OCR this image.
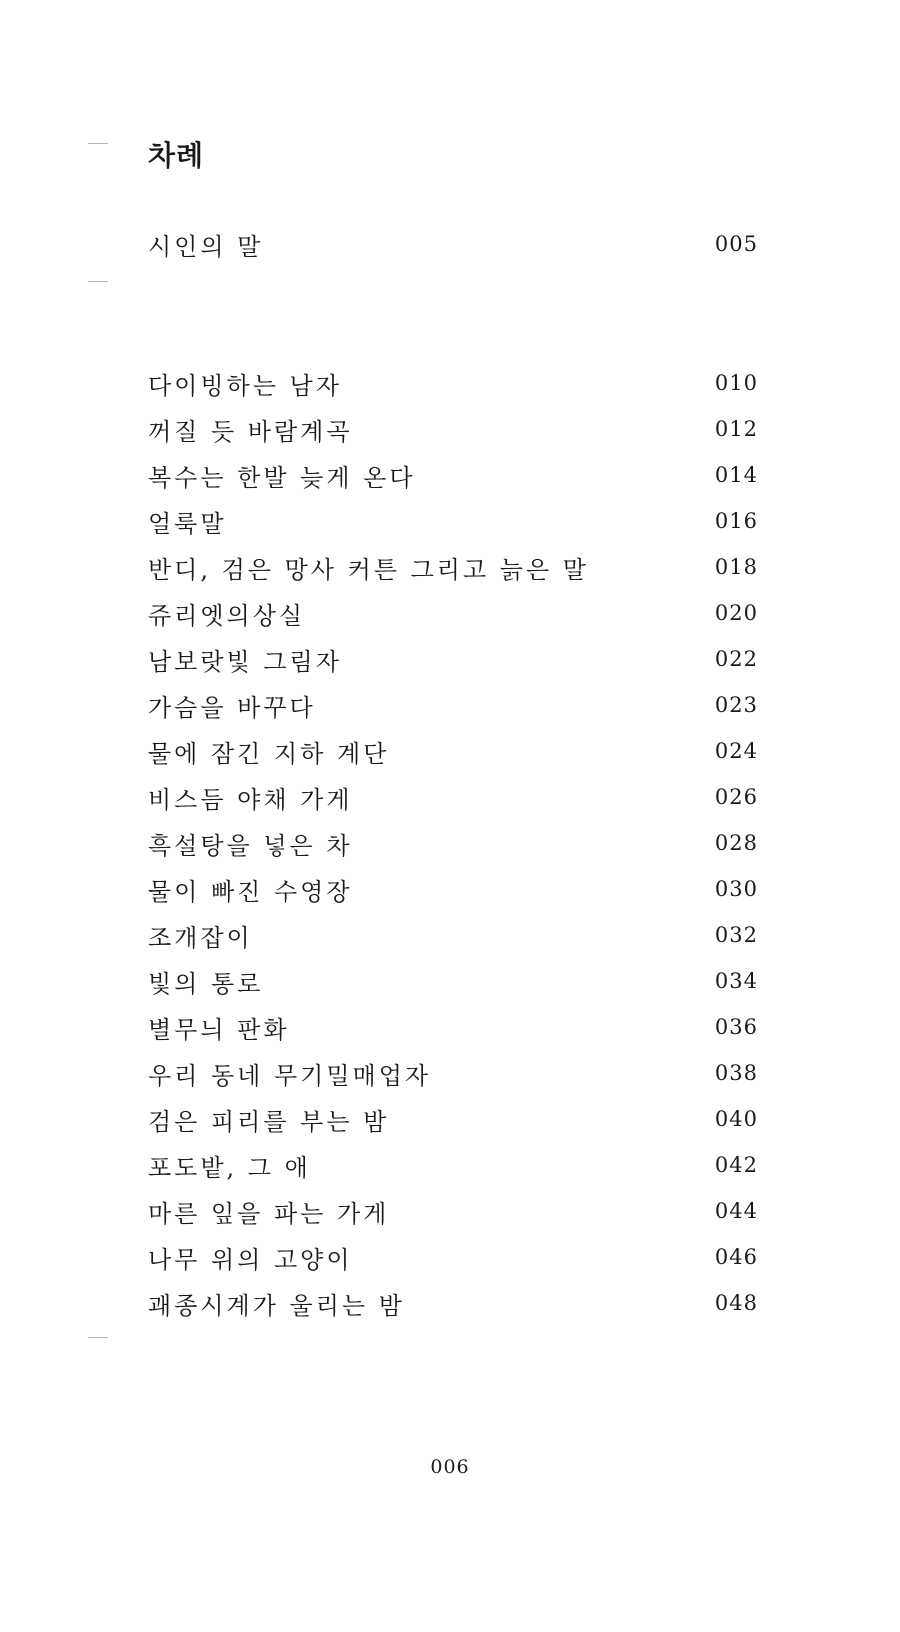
차례
시인의 말	005
다이빙하는 남자	010
꺼질 듯 바람계곡	012
복수는 한발 늦게 온다	014
얼룩말	016
반디, 검은 망사 커튼 그리고 늙은 말	018
쥬리엣의상실	020
남보랏빛 그림자	022
가슴을 바꾸다	023
물에 잠긴 지하 계단	024
비스듬 야채 가게	026
흑설탕을 넣은 차	028
물이 빠진 수영장	030
조개잡이	032
빛의 통로	034
별무늬 판화	036
우리 동네 무기밀매업자	038
검은 피리를 부는 밤	040
포도밭, 그 애	042
마른 잎을 파는 가게	044
나무 위의 고양이	046
괘종시계가 울리는 밤	048
006
